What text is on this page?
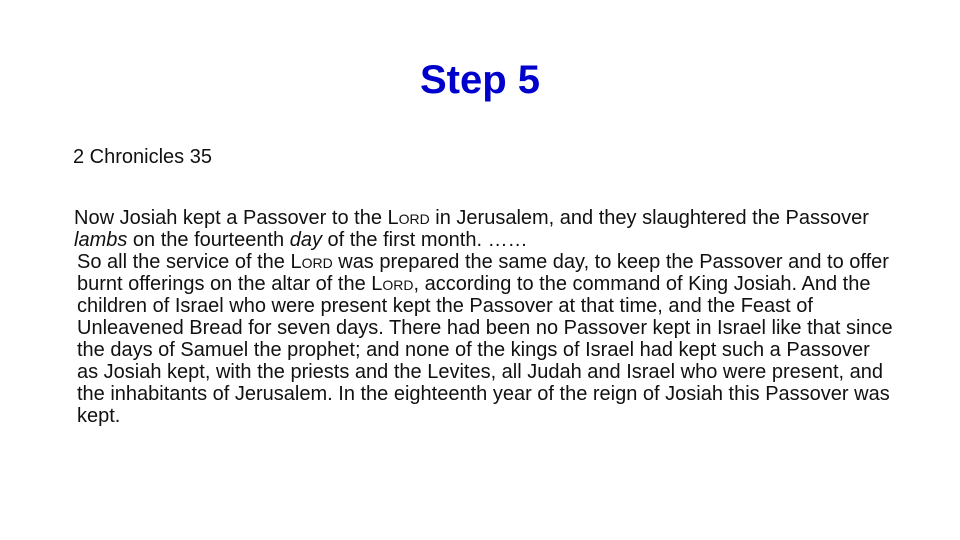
Step 5
2 Chronicles 35

Now Josiah kept a Passover to the Lord in Jerusalem, and they slaughtered the Passover lambs on the fourteenth day of the first month. ……

So all the service of the Lord was prepared the same day, to keep the Passover and to offer burnt offerings on the altar of the Lord, according to the command of King Josiah. And the children of Israel who were present kept the Passover at that time, and the Feast of Unleavened Bread for seven days. There had been no Passover kept in Israel like that since the days of Samuel the prophet; and none of the kings of Israel had kept such a Passover as Josiah kept, with the priests and the Levites, all Judah and Israel who were present, and the inhabitants of Jerusalem. In the eighteenth year of the reign of Josiah this Passover was kept.
